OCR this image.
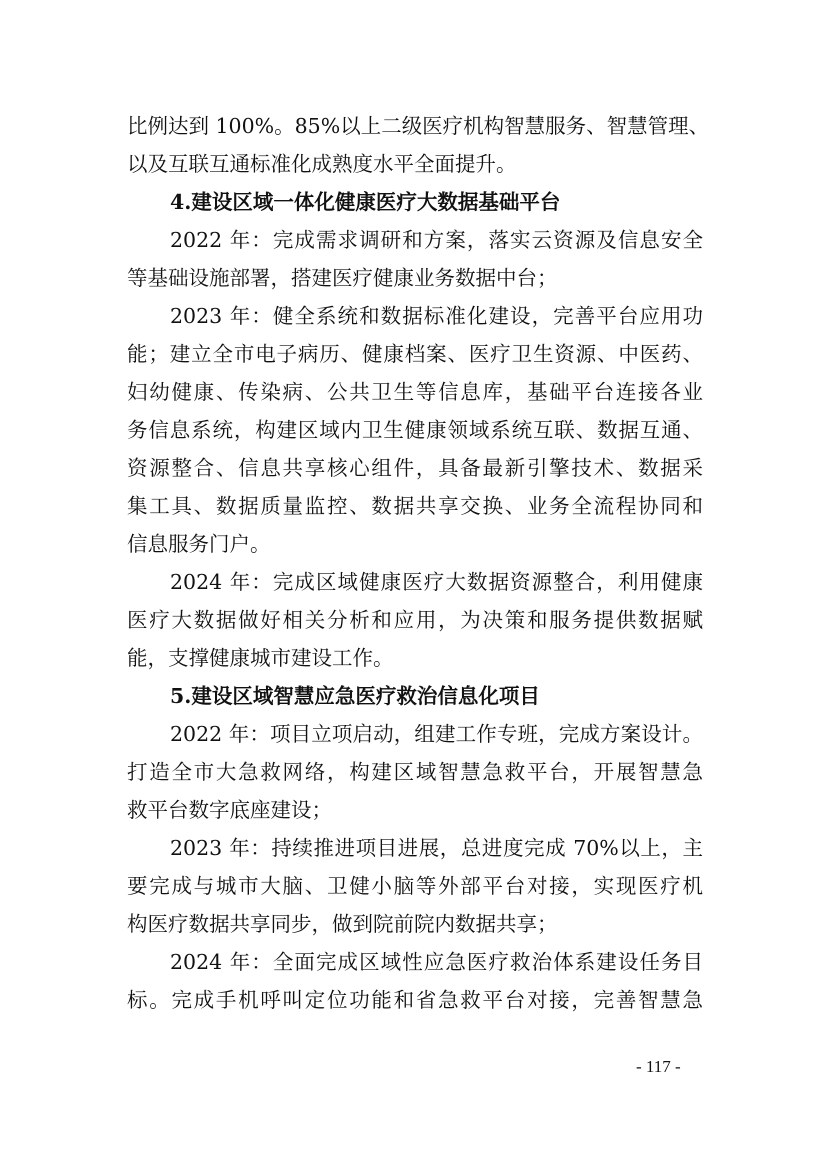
比例达到 100%。85%以上二级医疗机构智慧服务、智慧管理、
以及互联互通标准化成熟度水平全面提升。
4.建设区域一体化健康医疗大数据基础平台
2022 年：完成需求调研和方案，落实云资源及信息安全
等基础设施部署，搭建医疗健康业务数据中台；
2023 年：健全系统和数据标准化建设，完善平台应用功
能；建立全市电子病历、健康档案、医疗卫生资源、中医药、
妇幼健康、传染病、公共卫生等信息库，基础平台连接各业
务信息系统，构建区域内卫生健康领域系统互联、数据互通、
资源整合、信息共享核心组件，具备最新引擎技术、数据采
集工具、数据质量监控、数据共享交换、业务全流程协同和
信息服务门户。
2024 年：完成区域健康医疗大数据资源整合，利用健康
医疗大数据做好相关分析和应用，为决策和服务提供数据赋
能，支撑健康城市建设工作。
5.建设区域智慧应急医疗救治信息化项目
2022 年：项目立项启动，组建工作专班，完成方案设计。
打造全市大急救网络，构建区域智慧急救平台，开展智慧急
救平台数字底座建设；
2023 年：持续推进项目进展，总进度完成 70%以上，主
要完成与城市大脑、卫健小脑等外部平台对接，实现医疗机
构医疗数据共享同步，做到院前院内数据共享；
2024 年：全面完成区域性应急医疗救治体系建设任务目
标。完成手机呼叫定位功能和省急救平台对接，完善智慧急
- 117 -
